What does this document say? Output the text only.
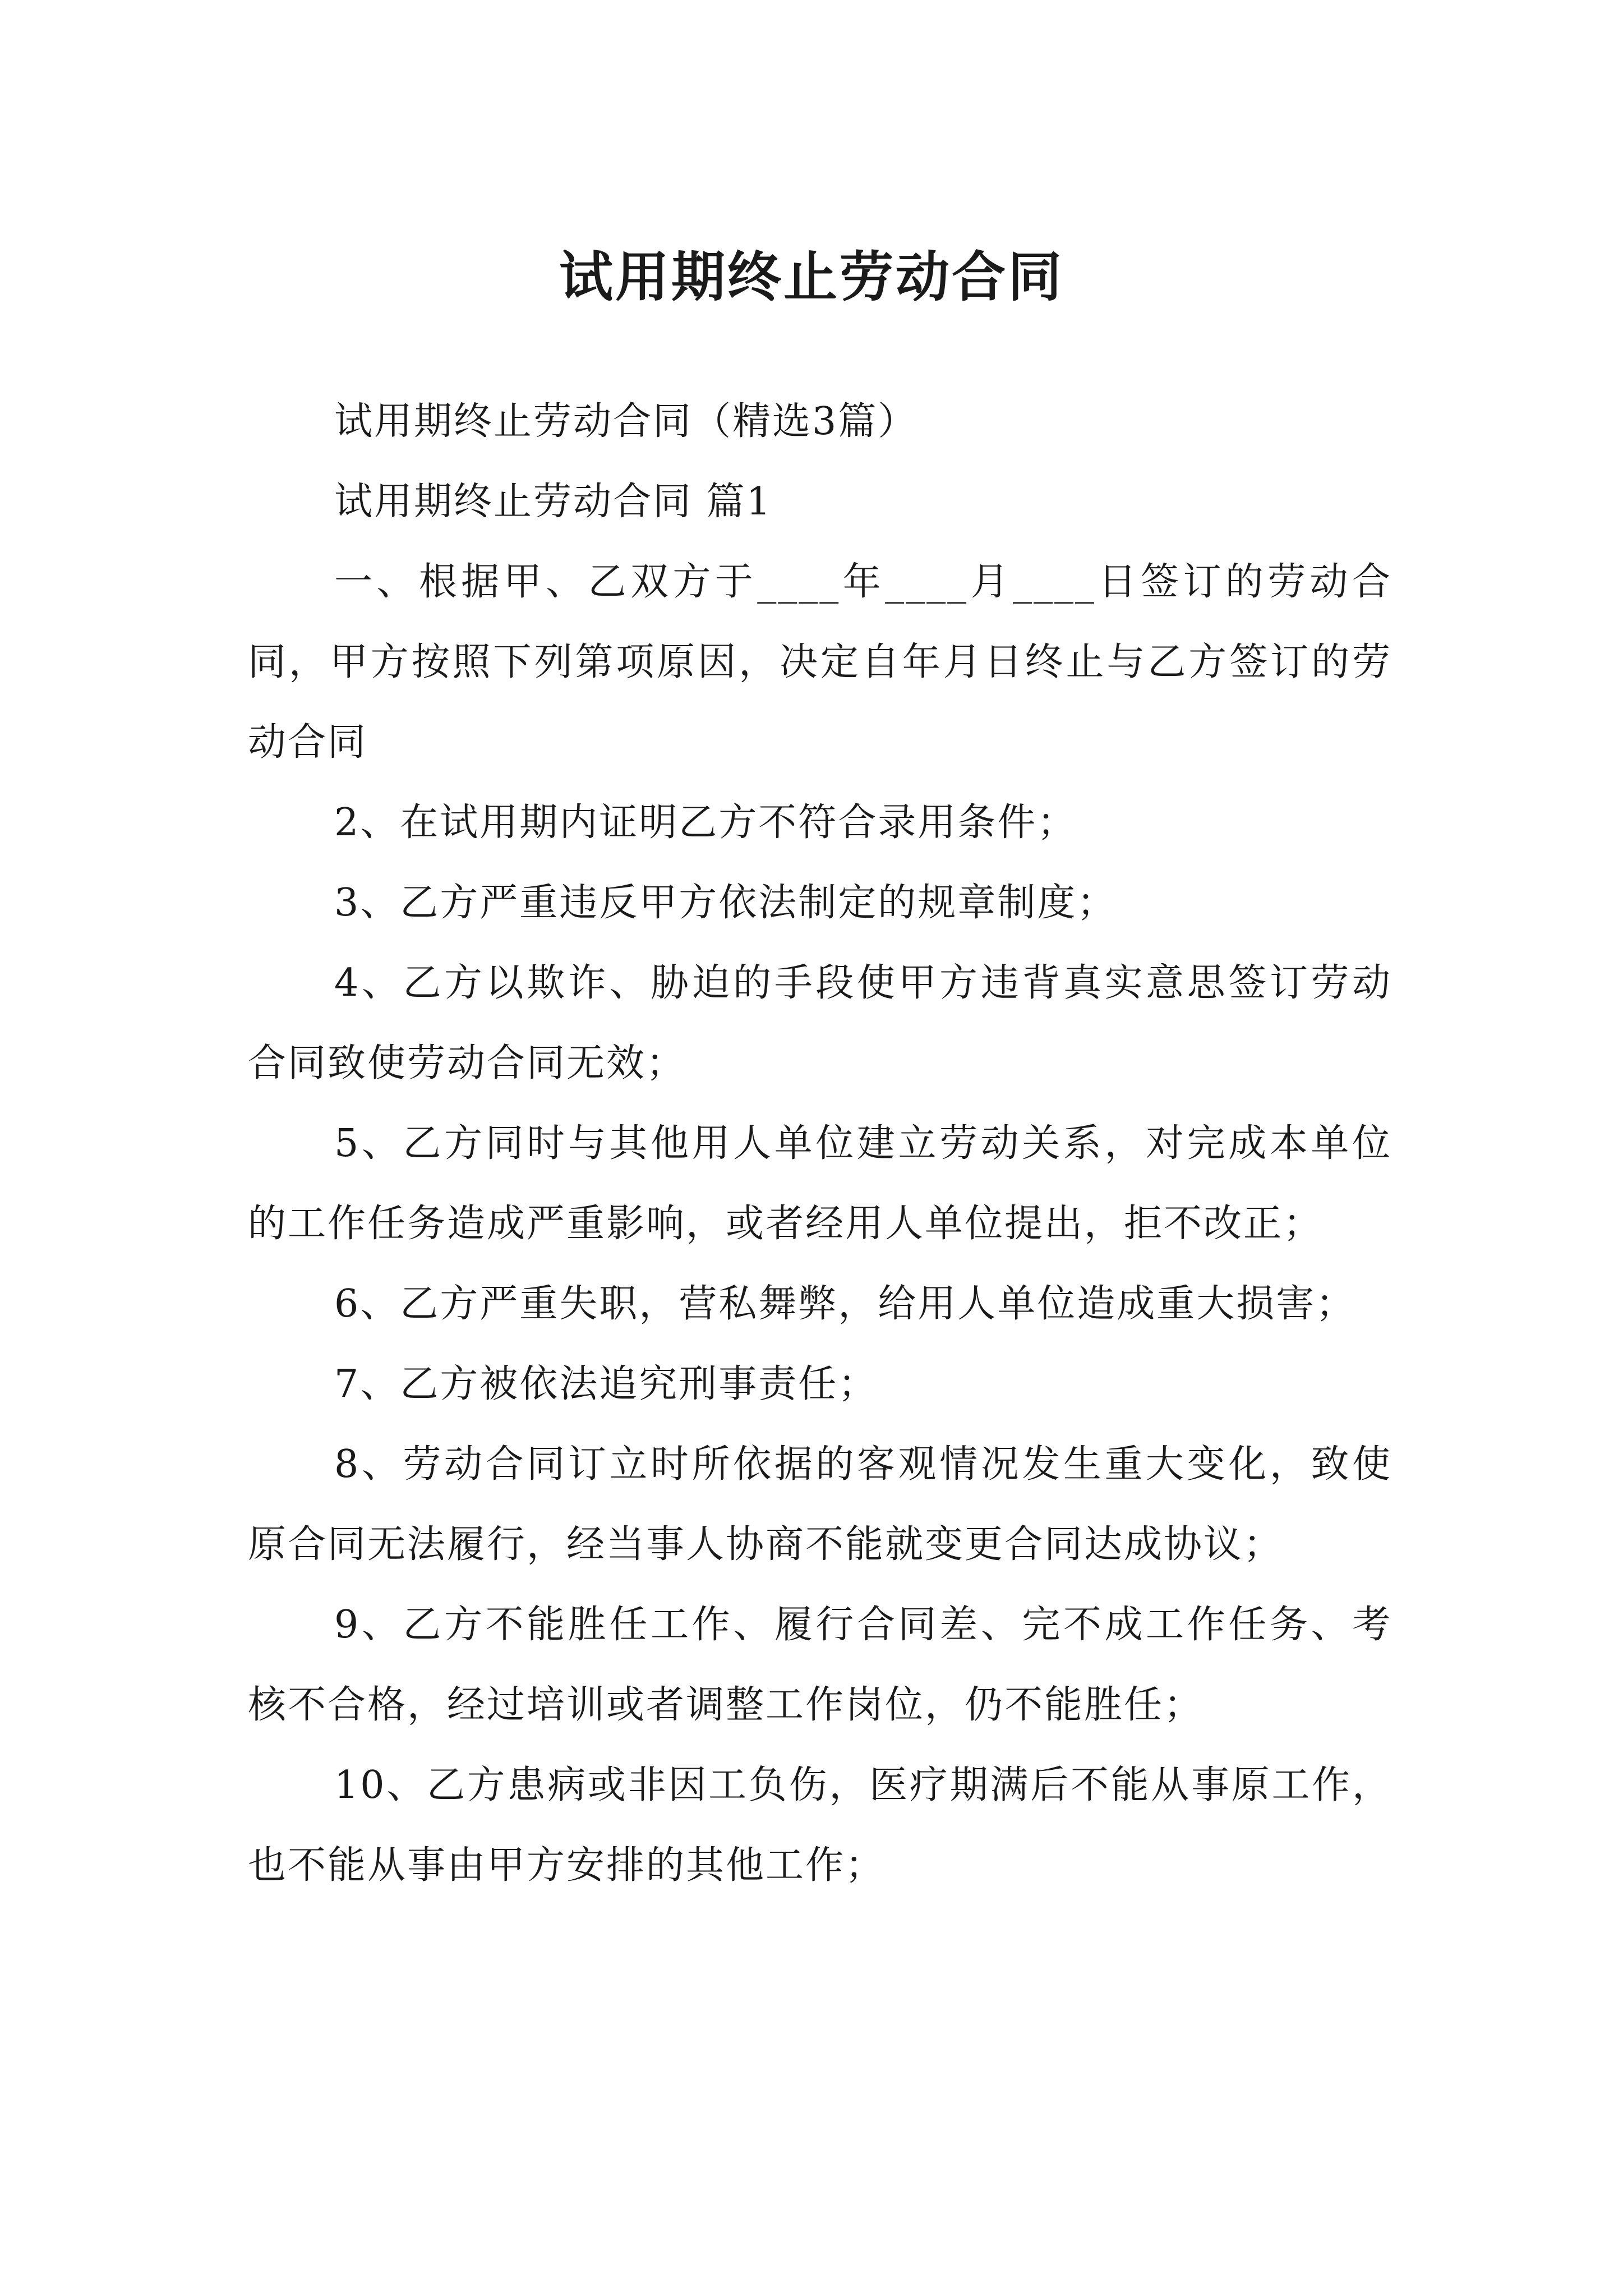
试用期终止劳动合同

试用期终止劳动合同（精选3篇）

试用期终止劳动合同 篇1

一、根据甲、乙双方于____年____月____日签订的劳动合同，甲方按照下列第项原因，决定自年月日终止与乙方签订的劳动合同

2、在试用期内证明乙方不符合录用条件；

3、乙方严重违反甲方依法制定的规章制度；

4、乙方以欺诈、胁迫的手段使甲方违背真实意思签订劳动合同致使劳动合同无效；

5、乙方同时与其他用人单位建立劳动关系，对完成本单位的工作任务造成严重影响，或者经用人单位提出，拒不改正；

6、乙方严重失职，营私舞弊，给用人单位造成重大损害；

7、乙方被依法追究刑事责任；

8、劳动合同订立时所依据的客观情况发生重大变化，致使原合同无法履行，经当事人协商不能就变更合同达成协议；

9、乙方不能胜任工作、履行合同差、完不成工作任务、考核不合格，经过培训或者调整工作岗位，仍不能胜任；

10、乙方患病或非因工负伤，医疗期满后不能从事原工作，也不能从事由甲方安排的其他工作；
